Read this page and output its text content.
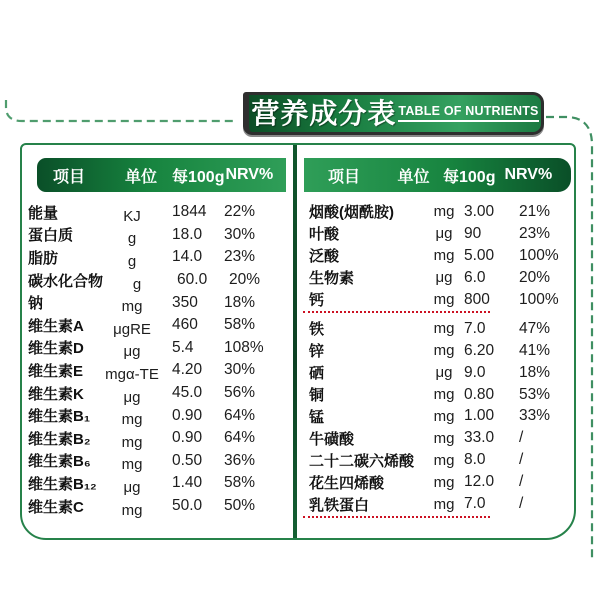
营养成分表 TABLE OF NUTRIENTS
项目	单位 每100g NRV%
能量	KJ	1844	22%
蛋白质	g	18.0	30%
脂肪	g	14.0	23%
碳水化合物	g	60.0	20%
钠	mg	350	18%
维生素A	μgRE	460	58%
维生素D	μg	5.4	108%
维生素E	mgα-TE 4.20	30%
维生素K	μg	45.0	56%
维生素B₁	mg	0.90	64%
维生素B₂	mg	0.90	64%
维生素B₆	mg	0.50	36%
维生素B₁₂	μg	1.40	58%
维生素C	mg	50.0	50%
项目	单位 每100g NRV%
烟酸(烟酰胺)	mg 3.00	21%
叶酸	μg 90	23%
泛酸	mg 5.00	100%
生物素	μg 6.0	20%
钙	mg 800	100%
铁	mg 7.0	47%
锌	mg 6.20	41%
硒	μg 9.0	18%
铜	mg 0.80	53%
锰	mg 1.00	33%
牛磺酸	mg 33.0	/
二十二碳六烯酸	mg 8.0	/
花生四烯酸	mg 12.0	/
乳铁蛋白	mg 7.0	/
